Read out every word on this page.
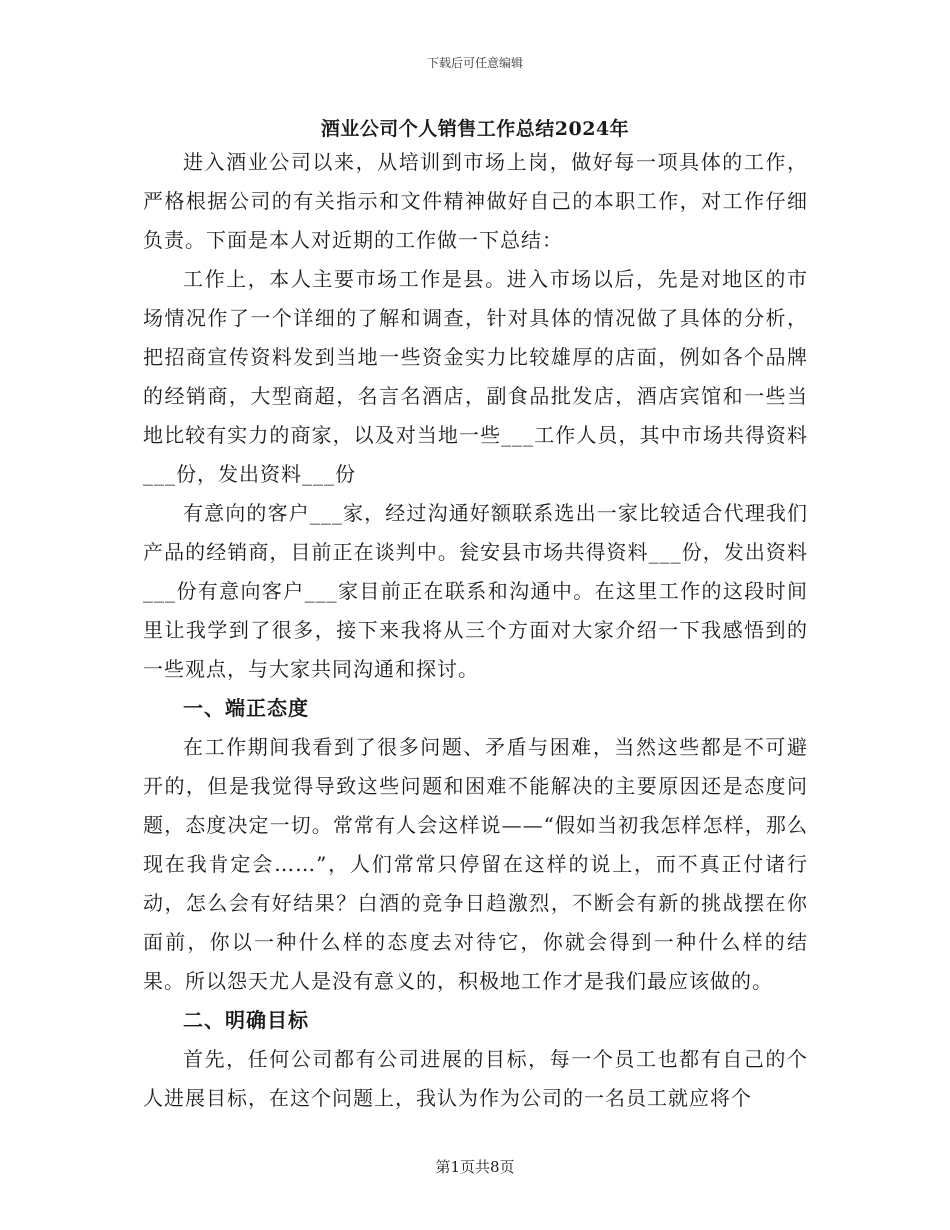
下载后可任意编辑
酒业公司个人销售工作总结2024年

进入酒业公司以来，从培训到市场上岗，做好每一项具体的工作，严格根据公司的有关指示和文件精神做好自己的本职工作，对工作仔细负责。下面是本人对近期的工作做一下总结：

工作上，本人主要市场工作是县。进入市场以后，先是对地区的市场情况作了一个详细的了解和调查，针对具体的情况做了具体的分析，把招商宣传资料发到当地一些资金实力比较雄厚的店面，例如各个品牌的经销商，大型商超，名言名酒店，副食品批发店，酒店宾馆和一些当地比较有实力的商家，以及对当地一些___工作人员，其中市场共得资料___份，发出资料___份

有意向的客户___家，经过沟通好额联系选出一家比较适合代理我们产品的经销商，目前正在谈判中。瓮安县市场共得资料___份，发出资料___份有意向客户___家目前正在联系和沟通中。在这里工作的这段时间里让我学到了很多，接下来我将从三个方面对大家介绍一下我感悟到的一些观点，与大家共同沟通和探讨。

一、端正态度

在工作期间我看到了很多问题、矛盾与困难，当然这些都是不可避开的，但是我觉得导致这些问题和困难不能解决的主要原因还是态度问题，态度决定一切。常常有人会这样说——“假如当初我怎样怎样，那么现在我肯定会……”，人们常常只停留在这样的说上，而不真正付诸行动，怎么会有好结果？白酒的竞争日趋激烈，不断会有新的挑战摆在你面前，你以一种什么样的态度去对待它，你就会得到一种什么样的结果。所以怨天尤人是没有意义的，积极地工作才是我们最应该做的。

二、明确目标

首先，任何公司都有公司进展的目标，每一个员工也都有自己的个人进展目标，在这个问题上，我认为作为公司的一名员工就应将个

第1页共8页
